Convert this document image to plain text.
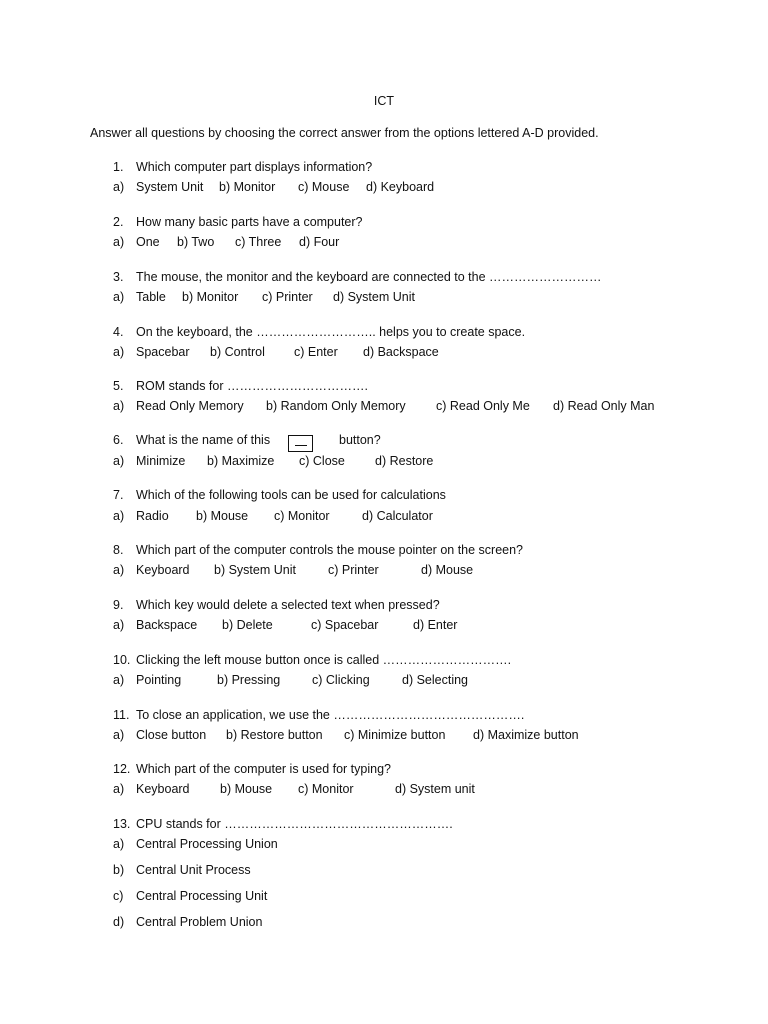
ICT
Answer all questions by choosing the correct answer from the options lettered A-D provided.
1. Which computer part displays information?
a) System Unit b) Monitor c) Mouse d) Keyboard
2. How many basic parts have a computer?
a) One b) Two c) Three d) Four
3. The mouse, the monitor and the keyboard are connected to the ………………………
a) Table b) Monitor c) Printer d) System Unit
4. On the keyboard, the ……………………….. helps you to create space.
a) Spacebar b) Control c) Enter d) Backspace
5. ROM stands for …………………………….
a) Read Only Memory b) Random Only Memory c) Read Only Me d) Read Only Man
6. What is the name of this	button?
a) Minimize b) Maximize c) Close d) Restore
7. Which of the following tools can be used for calculations
a) Radio b) Mouse c) Monitor	d) Calculator
8. Which part of the computer controls the mouse pointer on the screen?
a) Keyboard b) System Unit	c) Printer	d) Mouse
9. Which key would delete a selected text when pressed?
a) Backspace b) Delete	c) Spacebar	d) Enter
10. Clicking the left mouse button once is called ………………………….
a) Pointing	b) Pressing	c) Clicking	d) Selecting
11. To close an application, we use the ……………………………………….
a) Close button b) Restore button c) Minimize button d) Maximize button
12. Which part of the computer is used for typing?
a) Keyboard b) Mouse c) Monitor	d) System unit
13. CPU stands for ……………………………………………….
a) Central Processing Union
b) Central Unit Process
c) Central Processing Unit
d) Central Problem Union
